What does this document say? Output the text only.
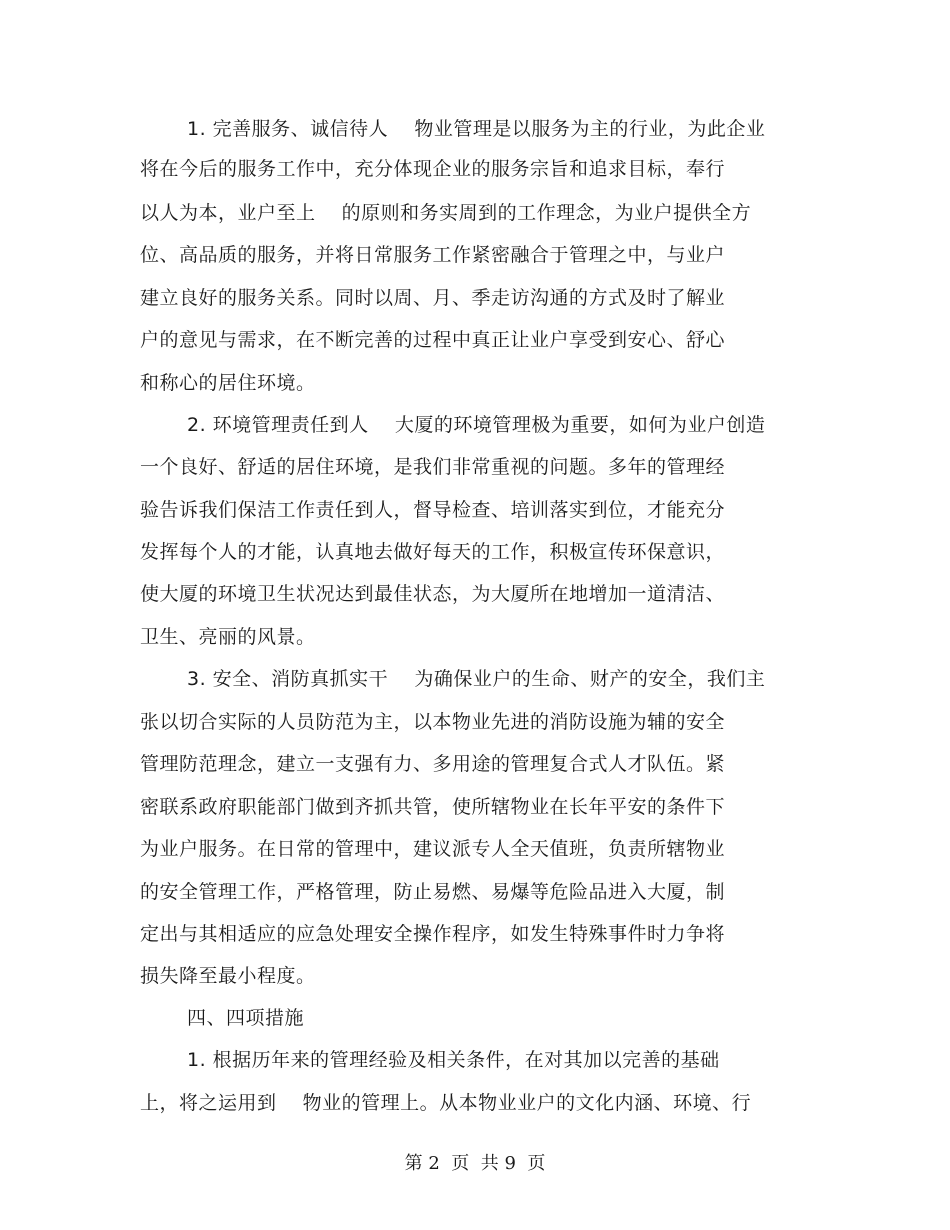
1. 完善服务、诚信待人    物业管理是以服务为主的行业，为此企业
将在今后的服务工作中，充分体现企业的服务宗旨和追求目标，奉行
以人为本，业户至上    的原则和务实周到的工作理念，为业户提供全方
位、高品质的服务，并将日常服务工作紧密融合于管理之中，与业户
建立良好的服务关系。同时以周、月、季走访沟通的方式及时了解业
户的意见与需求，在不断完善的过程中真正让业户享受到安心、舒心
和称心的居住环境。
2. 环境管理责任到人    大厦的环境管理极为重要，如何为业户创造
一个良好、舒适的居住环境，是我们非常重视的问题。多年的管理经
验告诉我们保洁工作责任到人，督导检查、培训落实到位，才能充分
发挥每个人的才能，认真地去做好每天的工作，积极宣传环保意识，
使大厦的环境卫生状况达到最佳状态，为大厦所在地增加一道清洁、
卫生、亮丽的风景。
3. 安全、消防真抓实干    为确保业户的生命、财产的安全，我们主
张以切合实际的人员防范为主，以本物业先进的消防设施为辅的安全
管理防范理念，建立一支强有力、多用途的管理复合式人才队伍。紧
密联系政府职能部门做到齐抓共管，使所辖物业在长年平安的条件下
为业户服务。在日常的管理中，建议派专人全天值班，负责所辖物业
的安全管理工作，严格管理，防止易燃、易爆等危险品进入大厦，制
定出与其相适应的应急处理安全操作程序，如发生特殊事件时力争将
损失降至最小程度。
四、四项措施
1. 根据历年来的管理经验及相关条件，在对其加以完善的基础
上，将之运用到    物业的管理上。从本物业业户的文化内涵、环境、行
第 2  页  共 9  页
